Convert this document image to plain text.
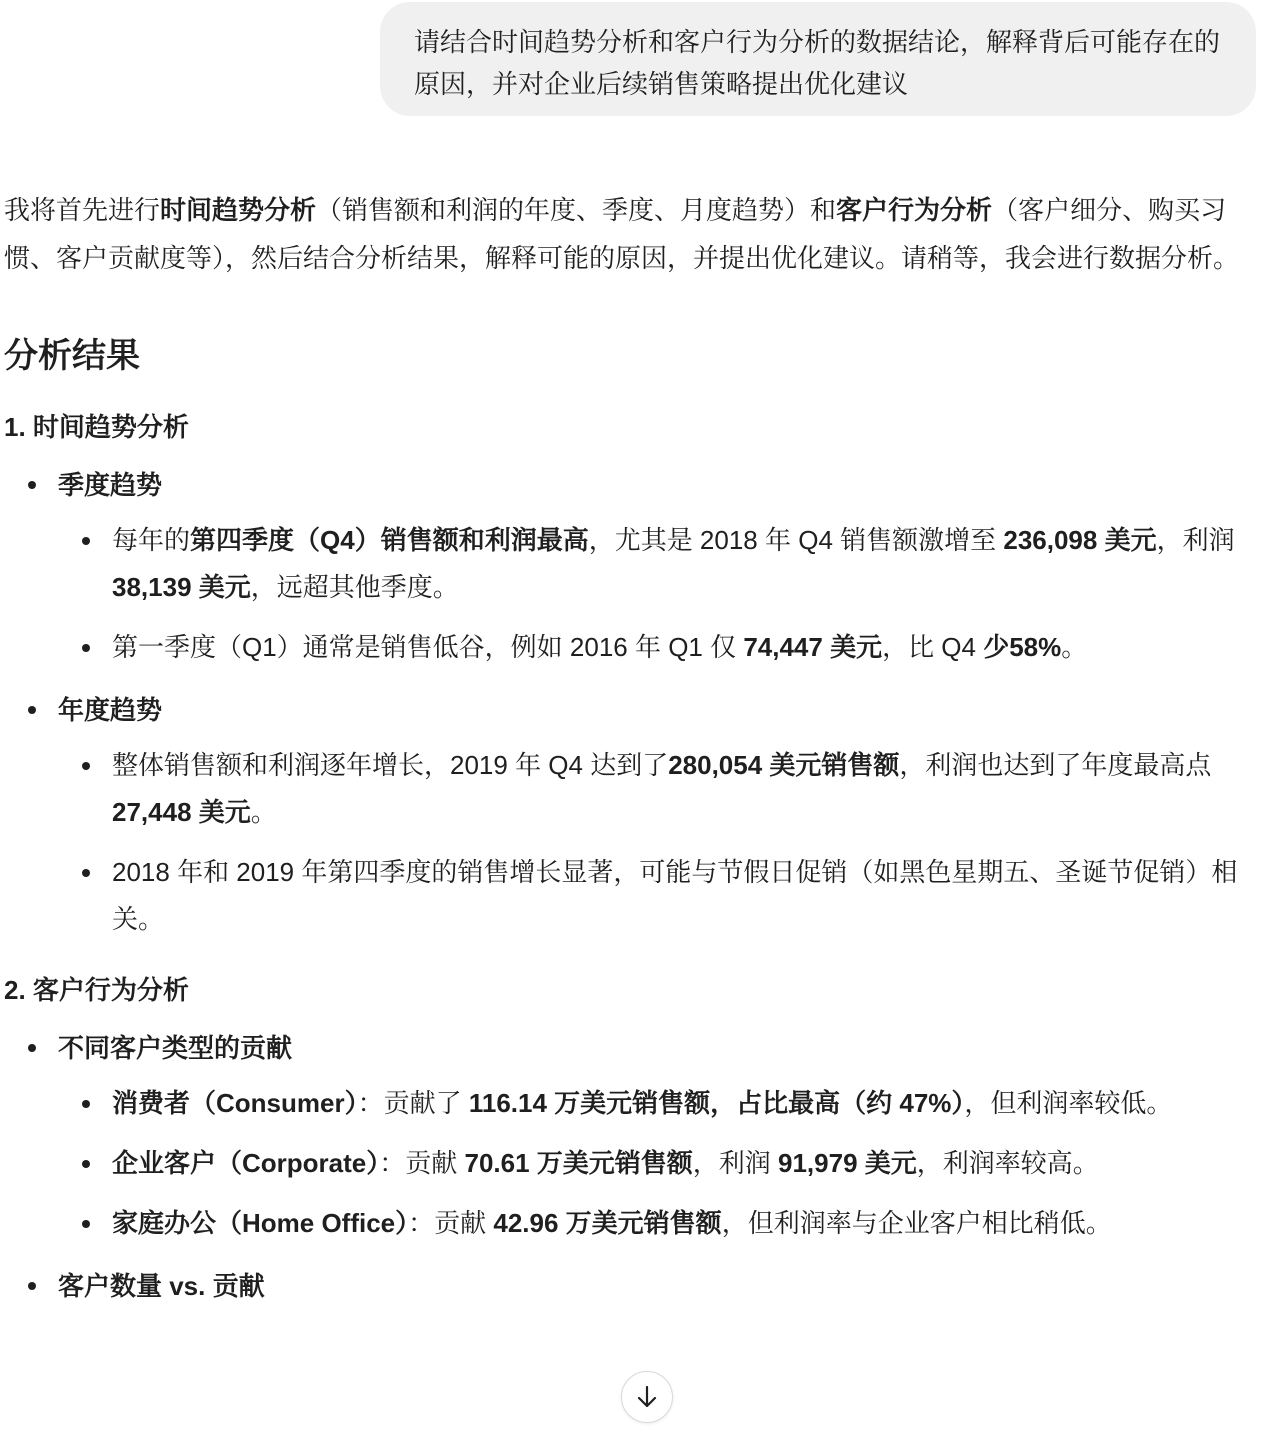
请结合时间趋势分析和客户行为分析的数据结论，解释背后可能存在的原因，并对企业后续销售策略提出优化建议

我将首先进行时间趋势分析（销售额和利润的年度、季度、月度趋势）和客户行为分析（客户细分、购买习惯、客户贡献度等），然后结合分析结果，解释可能的原因，并提出优化建议。请稍等，我会进行数据分析。

分析结果
1. 时间趋势分析
季度趋势
每年的第四季度（Q4）销售额和利润最高，尤其是 2018 年 Q4 销售额激增至 236,098 美元，利润 38,139 美元，远超其他季度。
第一季度（Q1）通常是销售低谷，例如 2016 年 Q1 仅 74,447 美元，比 Q4 少58%。
年度趋势
整体销售额和利润逐年增长，2019 年 Q4 达到了280,054 美元销售额，利润也达到了年度最高点 27,448 美元。
2018 年和 2019 年第四季度的销售增长显著，可能与节假日促销（如黑色星期五、圣诞节促销）相关。
2. 客户行为分析
不同客户类型的贡献
消费者（Consumer）：贡献了 116.14 万美元销售额，占比最高（约 47%），但利润率较低。
企业客户（Corporate）：贡献 70.61 万美元销售额，利润 91,979 美元，利润率较高。
家庭办公（Home Office）：贡献 42.96 万美元销售额，但利润率与企业客户相比稍低。
客户数量 vs. 贡献
